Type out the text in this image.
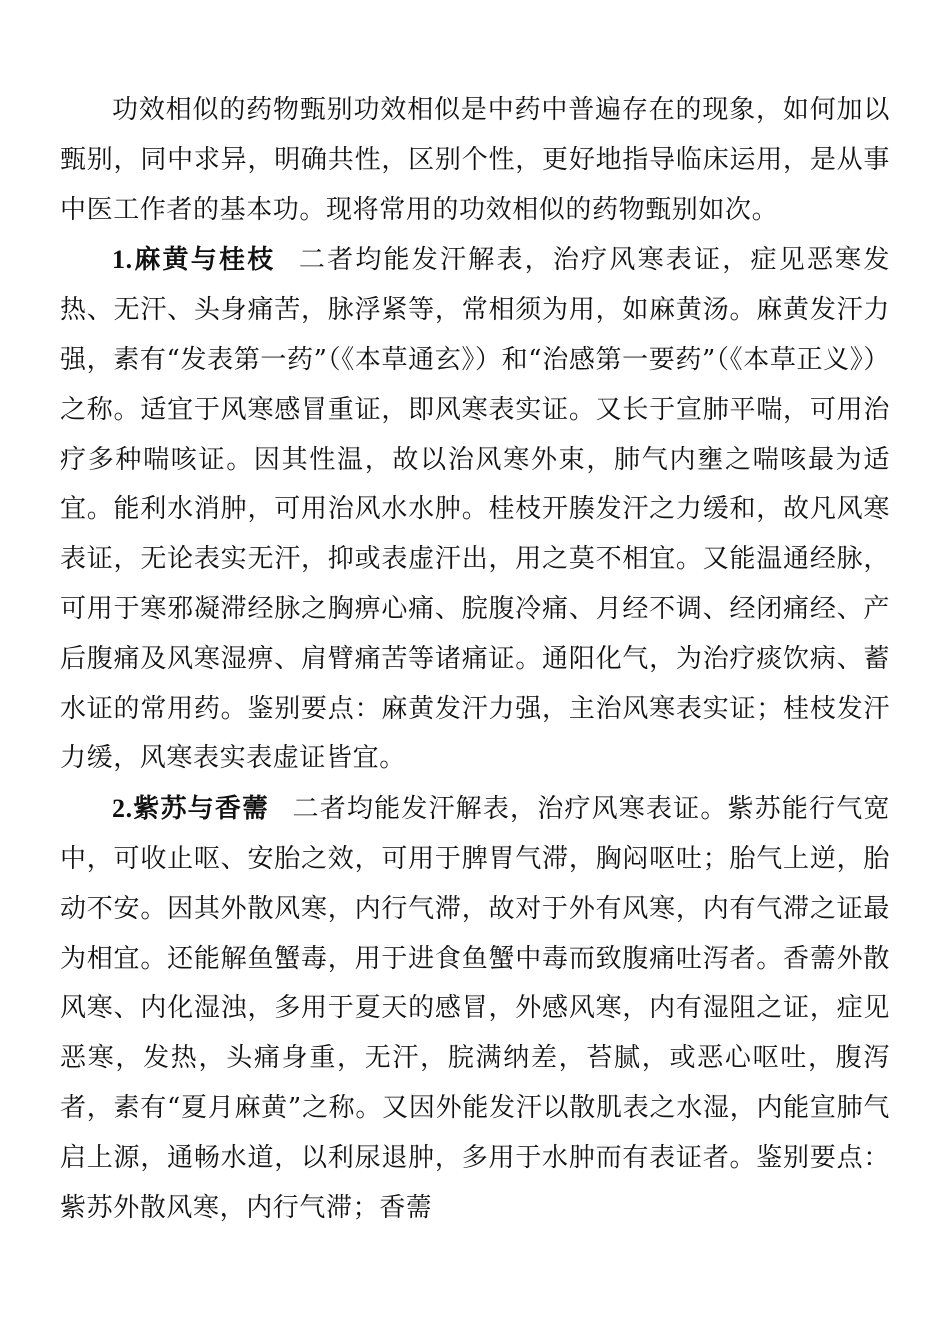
功效相似的药物甄别功效相似是中药中普遍存在的现象，如何加以甄别，同中求异，明确共性，区别个性，更好地指导临床运用，是从事中医工作者的基本功。现将常用的功效相似的药物甄别如次。

1.麻黄与桂枝 二者均能发汗解表，治疗风寒表证，症见恶寒发热、无汗、头身痛苦，脉浮紧等，常相须为用，如麻黄汤。麻黄发汗力强，素有“发表第一药”（《本草通玄》）和“治感第一要药”（《本草正义》）之称。适宜于风寒感冒重证，即风寒表实证。又长于宣肺平喘，可用治疗多种喘咳证。因其性温，故以治风寒外束，肺气内壅之喘咳最为适宜。能利水消肿，可用治风水水肿。桂枝开腠发汗之力缓和，故凡风寒表证，无论表实无汗，抑或表虚汗出，用之莫不相宜。又能温通经脉，可用于寒邪凝滞经脉之胸痹心痛、脘腹冷痛、月经不调、经闭痛经、产后腹痛及风寒湿痹、肩臂痛苦等诸痛证。通阳化气，为治疗痰饮病、蓄水证的常用药。鉴别要点：麻黄发汗力强，主治风寒表实证；桂枝发汗力缓，风寒表实表虚证皆宜。

2.紫苏与香薷 二者均能发汗解表，治疗风寒表证。紫苏能行气宽中，可收止呕、安胎之效，可用于脾胃气滞，胸闷呕吐；胎气上逆，胎动不安。因其外散风寒，内行气滞，故对于外有风寒，内有气滞之证最为相宜。还能解鱼蟹毒，用于进食鱼蟹中毒而致腹痛吐泻者。香薷外散风寒、内化湿浊，多用于夏天的感冒，外感风寒，内有湿阻之证，症见恶寒，发热，头痛身重，无汗，脘满纳差，苔腻，或恶心呕吐，腹泻者，素有“夏月麻黄”之称。又因外能发汗以散肌表之水湿，内能宣肺气启上源，通畅水道，以利尿退肿，多用于水肿而有表证者。鉴别要点：紫苏外散风寒，内行气滞；香薷
